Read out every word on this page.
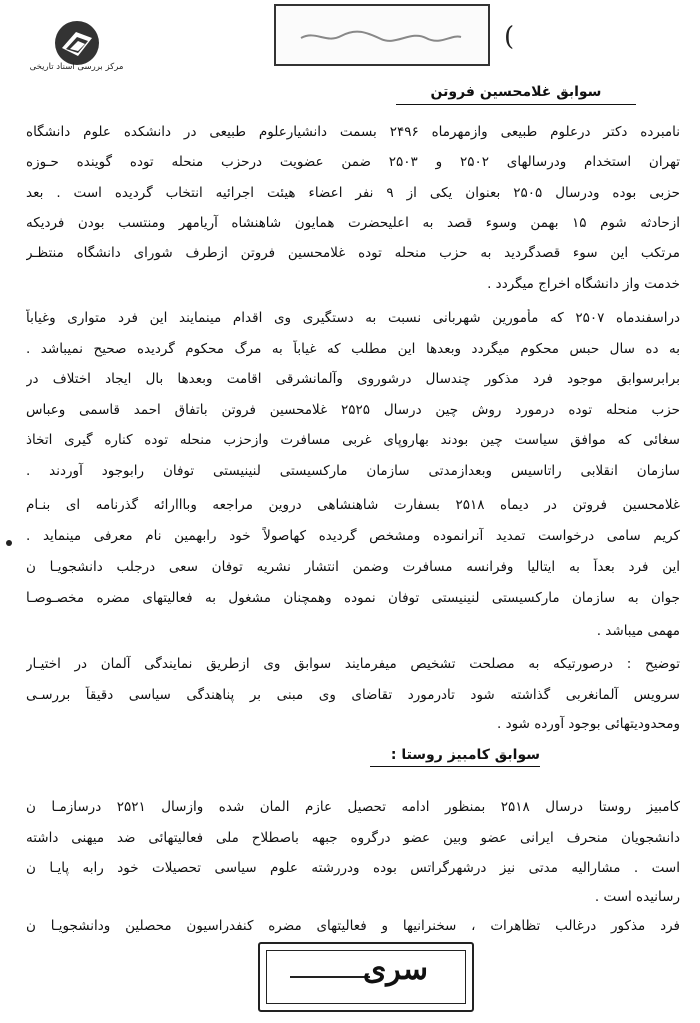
مرکز بررسی اسناد تاریخی
(
سوابق غلامحسین فروتن
نامبرده دکتر درعلوم طبیعی وازمهرماه ۲۴۹۶ بسمت دانشیارعلوم طبیعی در دانشکده علوم دانشگاه
تهران استخدام ودرسالهای ۲۵۰۲ و ۲۵۰۳ ضمن عضویت درحزب منحله توده گوینده حـوزه
حزبی بوده ودرسال ۲۵۰۵ بعنوان یکی از ۹ نفر اعضاء هیئت اجرائیه انتخاب گردیده است . بعد
ازحادثه شوم ۱۵ بهمن وسوء قصد به اعلیحضرت همایون شاهنشاه آریامهر ومنتسب بودن فردیکه
مرتکب این سوء قصدگردید به حزب منحله توده غلامحسین فروتن ازطرف شورای دانشگاه منتظـر
خدمت واز دانشگاه اخراج میگردد .
دراسفندماه ۲۵۰۷ که مأمورین شهربانی نسبت به دستگیری وی اقدام مینمایند این فرد متواری وغیاباً
به ده سال حبس محکوم میگردد وبعدها این مطلب که غیاباً به مرگ محکوم گردیده صحیح نمیباشد .
برابرسوابق موجود فرد مذکور چندسال درشوروی وآلمانشرقی اقامت وبعدها بال ایجاد اختلاف در
حزب منحله توده درمورد روش چین درسال ۲۵۲۵ غلامحسین فروتن باتفاق احمد قاسمی وعباس
سغائی که موافق سیاست چین بودند بهاروپای غربی مسافرت وازحزب منحله توده کناره گیری اتخاذ
سازمان انقلابی راتاسیس وبعدازمدتی سازمان مارکسیستی لنینیستی توفان رابوجود آوردند .
غلامحسین فروتن در دیماه ۲۵۱۸ بسفارت شاهنشاهی دروین مراجعه وبااارائه گذرنامه ای بنـام
کریم سامی درخواست تمدید آنرانموده ومشخص گردیده کهاصولاً خود رابهمین نام معرفی مینماید .
این فرد بعداً به ایتالیا وفرانسه مسافرت وضمن انتشار نشریه توفان سعی درجلب دانشجویـا ن
جوان به سازمان مارکسیستی لنینیستی توفان نموده وهمچنان مشغول به فعالیتهای مضره مخصـوصـا
مهمی میباشد .
توضیح : درصورتیکه به مصلحت تشخیص میفرمایند سوابق وی ازطریق نمایندگی آلمان در اختیـار
سرویس آلمانغربی گذاشته شود تادرمورد تقاضای وی مبنی بر پناهندگی سیاسی دقیقاً بررسـی
ومحدودیتهائی بوجود آورده شود .
سوابق کامبیز روستا :
کامبیز روستا درسال ۲۵۱۸ بمنظور ادامه تحصیل عازم المان شده وازسال ۲۵۲۱ درسازمـا ن
دانشجویان منحرف ایرانی عضو وبین عضو درگروه جبهه باصطلاح ملی فعالیتهائی ضد میهنی داشته
است . مشارالیه مدتی نیز درشهرگراتس بوده ودررشته علوم سیاسی تحصیلات خود رابه پایـا ن
رسانیده است .
فرد مذکور درغالب تظاهرات ، سخنرانیها و فعالیتهای مضره کنفدراسیون محصلین ودانشجویـا ن
سری
